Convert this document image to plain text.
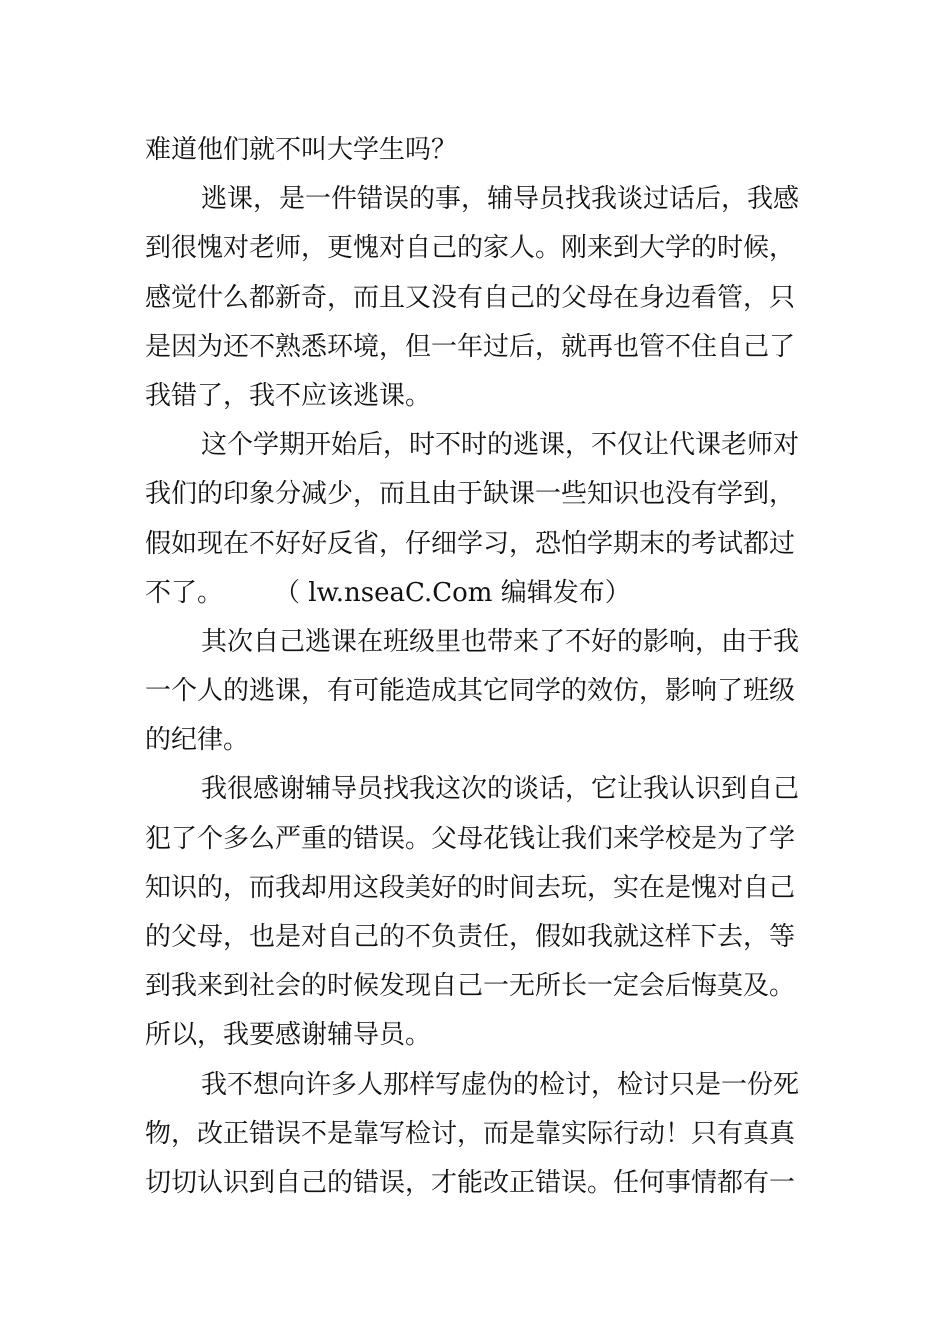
难道他们就不叫大学生吗？
逃课，是一件错误的事，辅导员找我谈过话后，我感
到很愧对老师，更愧对自己的家人。刚来到大学的时候，
感觉什么都新奇，而且又没有自己的父母在身边看管，只
是因为还不熟悉环境，但一年过后，就再也管不住自己了
我错了，我不应该逃课。
这个学期开始后，时不时的逃课，不仅让代课老师对
我们的印象分减少，而且由于缺课一些知识也没有学到，
假如现在不好好反省，仔细学习，恐怕学期末的考试都过
不了。 （ lw.nseaC.Com 编辑发布）
其次自己逃课在班级里也带来了不好的影响，由于我
一个人的逃课，有可能造成其它同学的效仿，影响了班级
的纪律。
我很感谢辅导员找我这次的谈话，它让我认识到自己
犯了个多么严重的错误。父母花钱让我们来学校是为了学
知识的，而我却用这段美好的时间去玩，实在是愧对自己
的父母，也是对自己的不负责任，假如我就这样下去，等
到我来到社会的时候发现自己一无所长一定会后悔莫及。
所以，我要感谢辅导员。
我不想向许多人那样写虚伪的检讨，检讨只是一份死
物，改正错误不是靠写检讨，而是靠实际行动！只有真真
切切认识到自己的错误，才能改正错误。任何事情都有一
